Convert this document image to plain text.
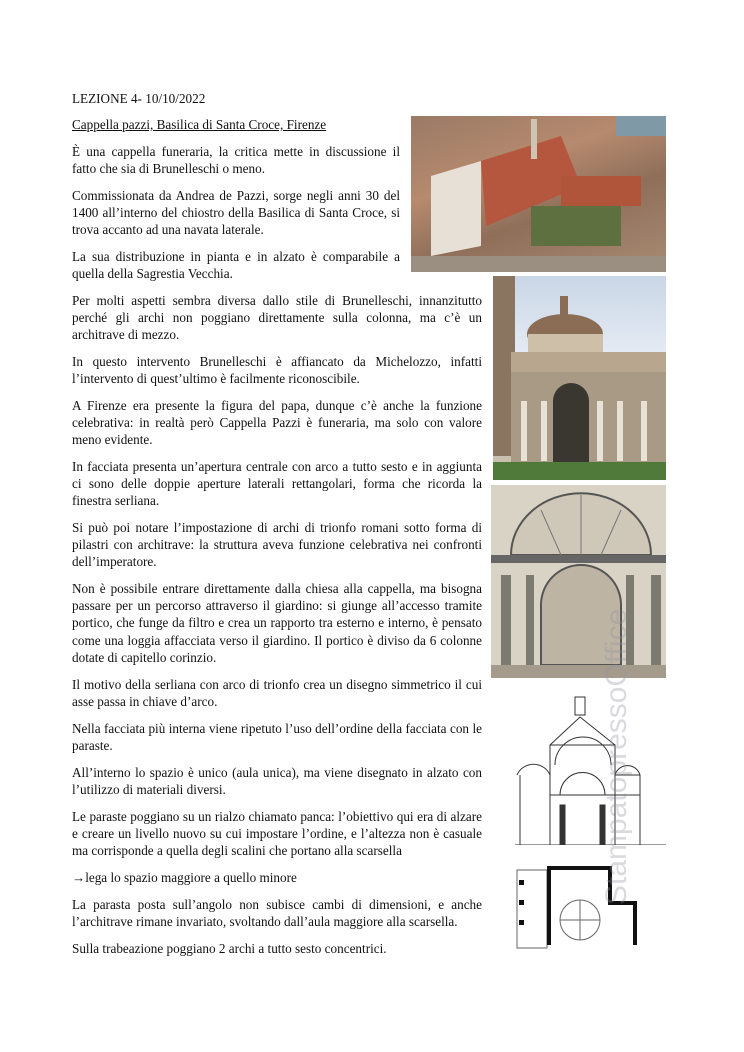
LEZIONE 4- 10/10/2022
Cappella pazzi, Basilica di Santa Croce, Firenze

È una cappella funeraria, la critica mette in discussione il fatto che sia di Brunelleschi o meno.

Commissionata da Andrea de Pazzi, sorge negli anni 30 del 1400 all’interno del chiostro della Basilica di Santa Croce, si trova accanto ad una navata laterale.

La sua distribuzione in pianta e in alzato è comparabile a quella della Sagrestia Vecchia.

Per molti aspetti sembra diversa dallo stile di Brunelleschi, innanzitutto perché gli archi non poggiano direttamente sulla colonna, ma c’è un architrave di mezzo.

In questo intervento Brunelleschi è affiancato da Michelozzo, infatti l’intervento di quest’ultimo è facilmente riconoscibile.

A Firenze era presente la figura del papa, dunque c’è anche la funzione celebrativa: in realtà però Cappella Pazzi è funeraria, ma solo con valore meno evidente.

In facciata presenta un’apertura centrale con arco a tutto sesto e in aggiunta ci sono delle doppie aperture laterali rettangolari, forma che ricorda la finestra serliana.

Si può poi notare l’impostazione di archi di trionfo romani sotto forma di pilastri con architrave: la struttura aveva funzione celebrativa nei confronti dell’imperatore.

Non è possibile entrare direttamente dalla chiesa alla cappella, ma bisogna passare per un percorso attraverso il giardino: si giunge all’accesso tramite portico, che funge da filtro e crea un rapporto tra esterno e interno, è pensato come una loggia affacciata verso il giardino. Il portico è diviso da 6 colonne dotate di capitello corinzio.

Il motivo della serliana con arco di trionfo crea un disegno simmetrico il cui asse passa in chiave d’arco.

Nella facciata più interna viene ripetuto l’uso dell’ordine della facciata con le paraste.

All’interno lo spazio è unico (aula unica), ma viene disegnato in alzato con l’utilizzo di materiali diversi.

Le paraste poggiano su un rialzo chiamato panca: l’obiettivo qui era di alzare e creare un livello nuovo su cui impostare l’ordine, e l’altezza non è casuale ma corrisponde a quella degli scalini che portano alla scarsella

→lega lo spazio maggiore a quello minore

La parasta posta sull’angolo non subisce cambi di dimensioni, e anche l’architrave rimane invariato, svoltando dall’aula maggiore alla scarsella.

Sulla trabeazione poggiano 2 archi a tutto sesto concentrici.

StampatopressoOffice
